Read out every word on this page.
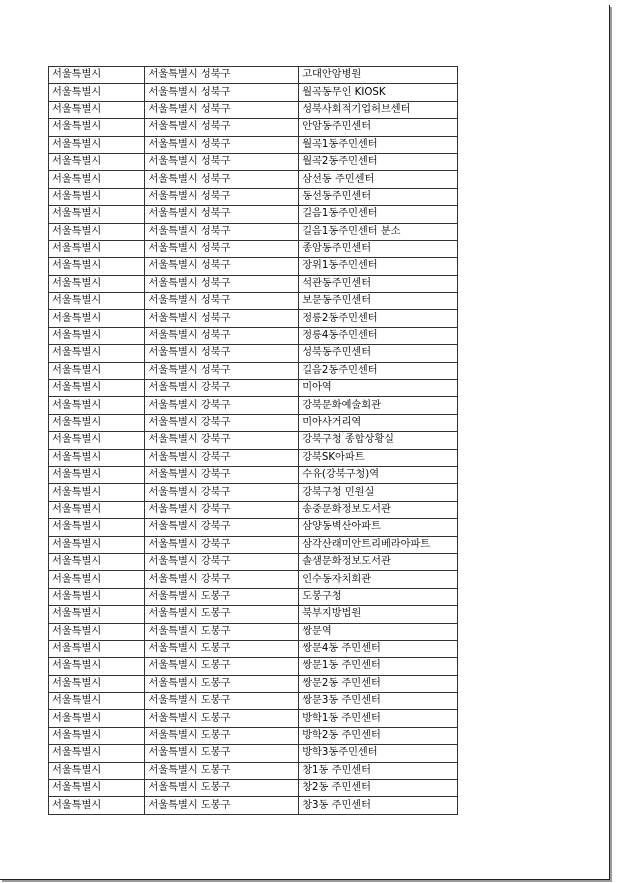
서울특별시	서울특별시 성북구	고대안암병원
서울특별시	서울특별시 성북구	월곡동무인 KIOSK
서울특별시	서울특별시 성북구	성북사회적기업허브센터
서울특별시	서울특별시 성북구	안암동주민센터
서울특별시	서울특별시 성북구	월곡1동주민센터
서울특별시	서울특별시 성북구	월곡2동주민센터
서울특별시	서울특별시 성북구	삼선동 주민센터
서울특별시	서울특별시 성북구	동선동주민센터
서울특별시	서울특별시 성북구	길음1동주민센터
서울특별시	서울특별시 성북구	길음1동주민센터 분소
서울특별시	서울특별시 성북구	종암동주민센터
서울특별시	서울특별시 성북구	장위1동주민센터
서울특별시	서울특별시 성북구	석관동주민센터
서울특별시	서울특별시 성북구	보문동주민센터
서울특별시	서울특별시 성북구	정릉2동주민센터
서울특별시	서울특별시 성북구	정릉4동주민센터
서울특별시	서울특별시 성북구	성북동주민센터
서울특별시	서울특별시 성북구	길음2동주민센터
서울특별시	서울특별시 강북구	미아역
서울특별시	서울특별시 강북구	강북문화예술회관
서울특별시	서울특별시 강북구	미아사거리역
서울특별시	서울특별시 강북구	강북구청 종합상황실
서울특별시	서울특별시 강북구	강북SK아파트
서울특별시	서울특별시 강북구	수유(강북구청)역
서울특별시	서울특별시 강북구	강북구청 민원실
서울특별시	서울특별시 강북구	송중문화정보도서관
서울특별시	서울특별시 강북구	삼양동벽산아파트
서울특별시	서울특별시 강북구	삼각산래미안트리베라아파트
서울특별시	서울특별시 강북구	솔샘문화정보도서관
서울특별시	서울특별시 강북구	인수동자치회관
서울특별시	서울특별시 도봉구	도봉구청
서울특별시	서울특별시 도봉구	북부지방법원
서울특별시	서울특별시 도봉구	쌍문역
서울특별시	서울특별시 도봉구	쌍문4동 주민센터
서울특별시	서울특별시 도봉구	쌍문1동 주민센터
서울특별시	서울특별시 도봉구	쌍문2동 주민센터
서울특별시	서울특별시 도봉구	쌍문3동 주민센터
서울특별시	서울특별시 도봉구	방학1동 주민센터
서울특별시	서울특별시 도봉구	방학2동 주민센터
서울특별시	서울특별시 도봉구	방학3동주민센터
서울특별시	서울특별시 도봉구	창1동 주민센터
서울특별시	서울특별시 도봉구	창2동 주민센터
서울특별시	서울특별시 도봉구	창3동 주민센터
